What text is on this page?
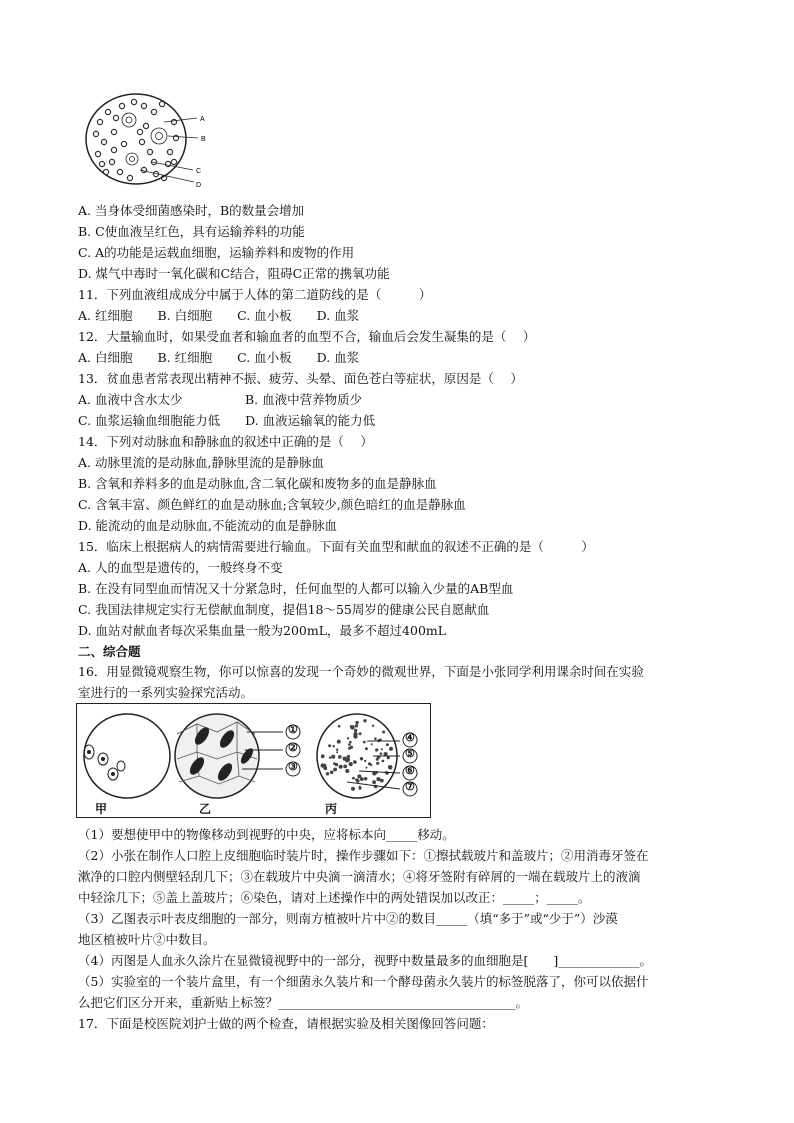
A
B
C
D
A. 当身体受细菌感染时，B的数量会增加
B. C使血液呈红色，具有运输养料的功能
C. A的功能是运载血细胞，运输养料和废物的作用
D. 煤气中毒时一氧化碳和C结合，阻碍C正常的携氧功能
11．下列血液组成成分中属于人体的第二道防线的是（　　　）
A. 红细胞　　B. 白细胞　　C. 血小板　　D. 血浆
12．大量输血时，如果受血者和输血者的血型不合，输血后会发生凝集的是（　 ）
A. 白细胞　　B. 红细胞　　C. 血小板　　D. 血浆
13．贫血患者常表现出精神不振、疲劳、头晕、面色苍白等症状，原因是（　 ）
A. 血液中含水太少　　　　　B. 血液中营养物质少
C. 血浆运输血细胞能力低　　D. 血液运输氧的能力低
14．下列对动脉血和静脉血的叙述中正确的是（　 ）
A. 动脉里流的是动脉血,静脉里流的是静脉血
B. 含氧和养料多的血是动脉血,含二氧化碳和废物多的血是静脉血
C. 含氧丰富、颜色鲜红的血是动脉血;含氧较少,颜色暗红的血是静脉血
D. 能流动的血是动脉血,不能流动的血是静脉血
15．临床上根据病人的病情需要进行输血。下面有关血型和献血的叙述不正确的是（　　　）
A. 人的血型是遗传的，一般终身不变
B. 在没有同型血而情况又十分紧急时，任何血型的人都可以输入少量的AB型血
C. 我国法律规定实行无偿献血制度，提倡18～55周岁的健康公民自愿献血
D. 血站对献血者每次采集血量一般为200mL，最多不超过400mL
二、综合题
16．用显微镜观察生物，你可以惊喜的发现一个奇妙的微观世界，下面是小张同学利用课余时间在实验
室进行的一系列实验探究活动。
①
②
③
④
⑤
⑥
⑦
甲	乙	丙
（1）要想使甲中的物像移动到视野的中央，应将标本向_____移动。
（2）小张在制作人口腔上皮细胞临时装片时，操作步骤如下：①擦拭载玻片和盖玻片；②用消毒牙签在
漱净的口腔内侧壁轻刮几下；③在载玻片中央滴一滴清水；④将牙签附有碎屑的一端在载玻片上的液滴
中轻涂几下；⑤盖上盖玻片；⑥染色，请对上述操作中的两处错误加以改正：_____；_____。
（3）乙图表示叶表皮细胞的一部分，则南方植被叶片中②的数目_____（填“多于”或“少于”）沙漠
地区植被叶片②中数目。
（4）丙图是人血永久涂片在显微镜视野中的一部分，视野中数量最多的血细胞是[　　]_____________。
（5）实验室的一个装片盒里，有一个细菌永久装片和一个酵母菌永久装片的标签脱落了，你可以依据什
么把它们区分开来，重新贴上标签？______________________________________。
17．下面是校医院刘护士做的两个检查，请根据实验及相关图像回答问题：
